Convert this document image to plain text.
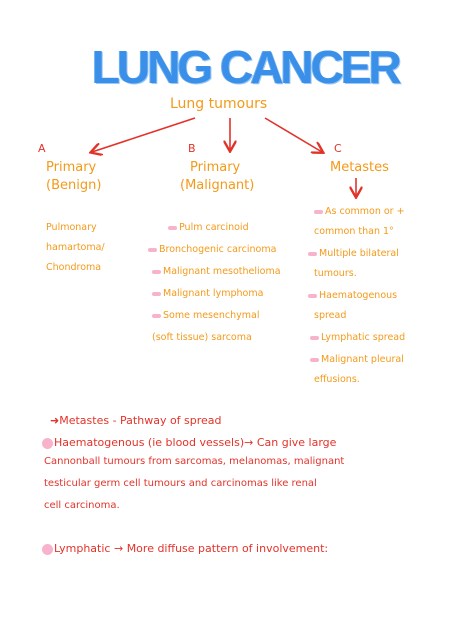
LUNG CANCER
Lung tumours
A
Primary
(Benign)
Pulmonary
hamartoma/
Chondroma
B
Primary
(Malignant)
Pulm carcinoid
Bronchogenic carcinoma
Malignant mesothelioma
Malignant lymphoma
Some mesenchymal
(soft tissue) sarcoma
C
Metastes
As common or +
common than 1°
Multiple bilateral
tumours.
Haematogenous
spread
Lymphatic spread
Malignant pleural
effusions.
➜Metastes - Pathway of spread
Haematogenous (ie blood vessels)→ Can give large
Cannonball tumours from sarcomas, melanomas, malignant
testicular germ cell tumours and carcinomas like renal
cell carcinoma.
Lymphatic → More diffuse pattern of involvement:
